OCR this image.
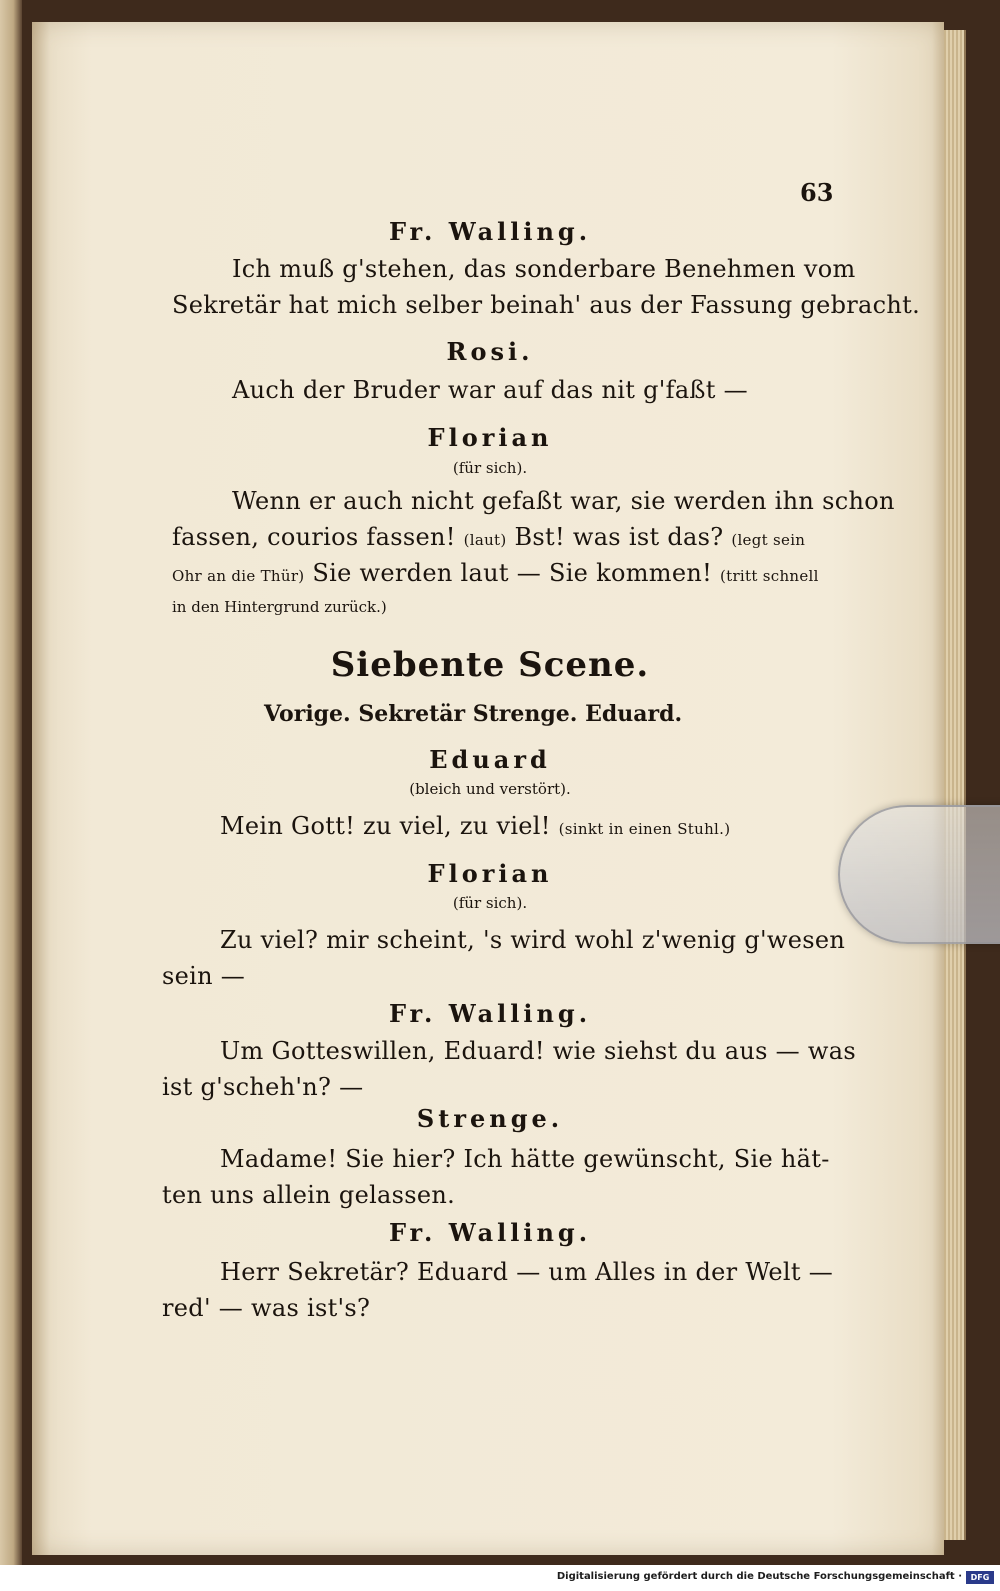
63
Fr. Walling.
Ich muß g'stehen, das sonderbare Benehmen vom
Sekretär hat mich selber beinah' aus der Fassung gebracht.
Rosi.
Auch der Bruder war auf das nit g'faßt —
Florian
(für sich).
Wenn er auch nicht gefaßt war, sie werden ihn schon
fassen, courios fassen! (laut) Bst! was ist das? (legt sein
Ohr an die Thür) Sie werden laut — Sie kommen! (tritt schnell
in den Hintergrund zurück.)
Siebente Scene.
Vorige. Sekretär Strenge. Eduard.
Eduard
(bleich und verstört).
Mein Gott! zu viel, zu viel! (sinkt in einen Stuhl.)
Florian
(für sich).
Zu viel? mir scheint, 's wird wohl z'wenig g'wesen
sein —
Fr. Walling.
Um Gotteswillen, Eduard! wie siehst du aus — was
ist g'scheh'n? —
Strenge.
Madame! Sie hier? Ich hätte gewünscht, Sie hät-
ten uns allein gelassen.
Fr. Walling.
Herr Sekretär? Eduard — um Alles in der Welt —
red' — was ist's?
Digitalisierung gefördert durch die Deutsche Forschungsgemeinschaft ·	DFG
